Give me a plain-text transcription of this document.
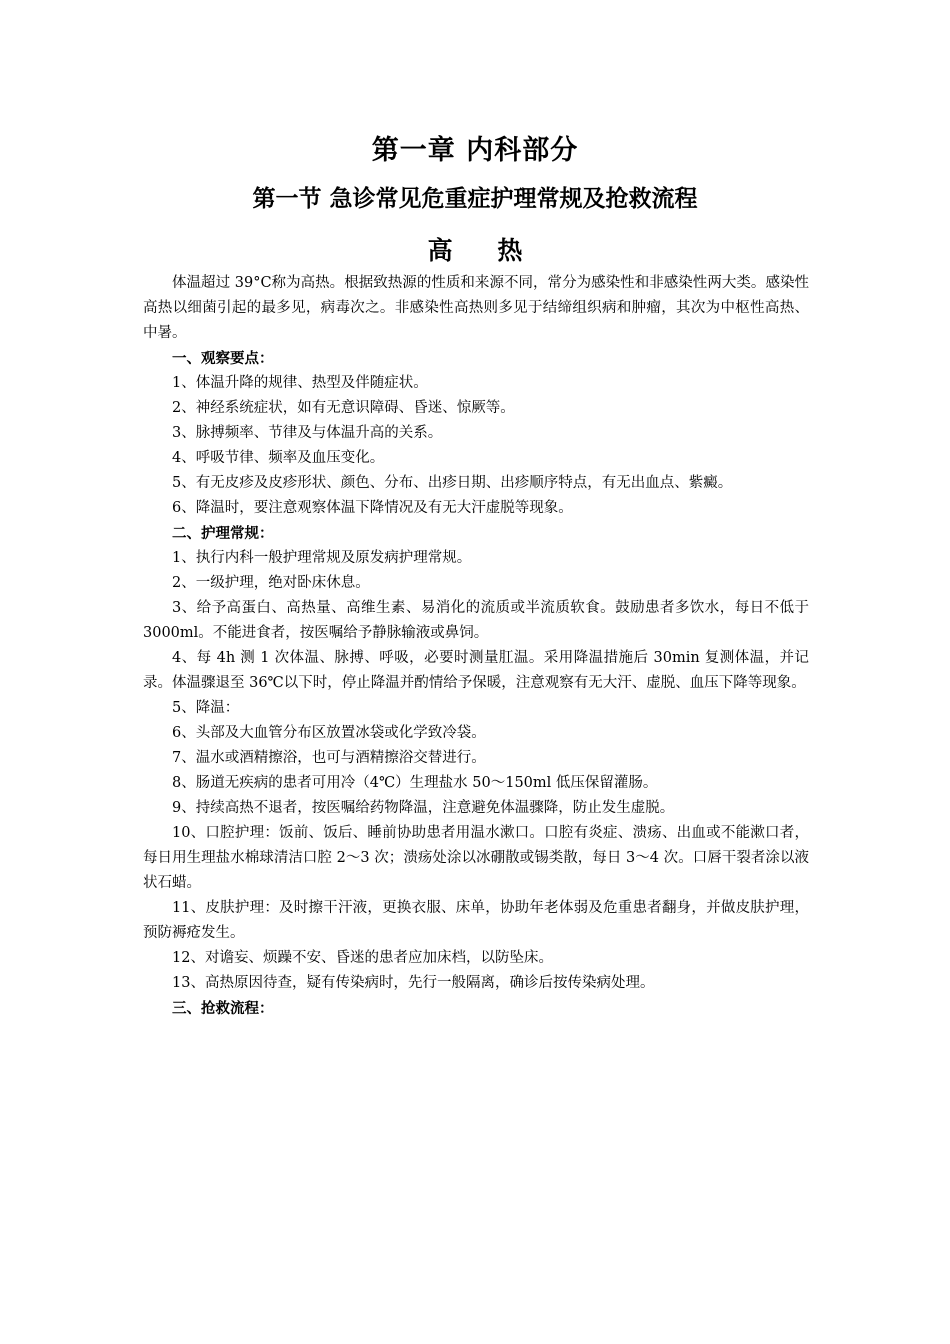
第一章 内科部分
第一节 急诊常见危重症护理常规及抢救流程
高 热

体温超过 39°C称为高热。根据致热源的性质和来源不同，常分为感染性和非感染性两大类。感染性高热以细菌引起的最多见，病毒次之。非感染性高热则多见于结缔组织病和肿瘤，其次为中枢性高热、中暑。

一、观察要点：

1、体温升降的规律、热型及伴随症状。

2、神经系统症状，如有无意识障碍、昏迷、惊厥等。

3、脉搏频率、节律及与体温升高的关系。

4、呼吸节律、频率及血压变化。

5、有无皮疹及皮疹形状、颜色、分布、出疹日期、出疹顺序特点，有无出血点、紫癜。

6、降温时，要注意观察体温下降情况及有无大汗虚脱等现象。

二、护理常规：

1、执行内科一般护理常规及原发病护理常规。

2、一级护理，绝对卧床休息。

3、给予高蛋白、高热量、高维生素、易消化的流质或半流质软食。鼓励患者多饮水，每日不低于 3000ml。不能进食者，按医嘱给予静脉输液或鼻饲。

4、每 4h 测 1 次体温、脉搏、呼吸，必要时测量肛温。采用降温措施后 30min 复测体温，并记录。体温骤退至 36℃以下时，停止降温并酌情给予保暖，注意观察有无大汗、虚脱、血压下降等现象。

5、降温：

6、头部及大血管分布区放置冰袋或化学致冷袋。

7、温水或酒精擦浴，也可与酒精擦浴交替进行。

8、肠道无疾病的患者可用冷（4℃）生理盐水 50～150ml 低压保留灌肠。

9、持续高热不退者，按医嘱给药物降温，注意避免体温骤降，防止发生虚脱。

10、口腔护理：饭前、饭后、睡前协助患者用温水漱口。口腔有炎症、溃疡、出血或不能漱口者，每日用生理盐水棉球清洁口腔 2～3 次；溃疡处涂以冰硼散或锡类散，每日 3～4 次。口唇干裂者涂以液状石蜡。

11、皮肤护理：及时擦干汗液，更换衣服、床单，协助年老体弱及危重患者翻身，并做皮肤护理，预防褥疮发生。

12、对谵妄、烦躁不安、昏迷的患者应加床档，以防坠床。

13、高热原因待查，疑有传染病时，先行一般隔离，确诊后按传染病处理。

三、抢救流程：
